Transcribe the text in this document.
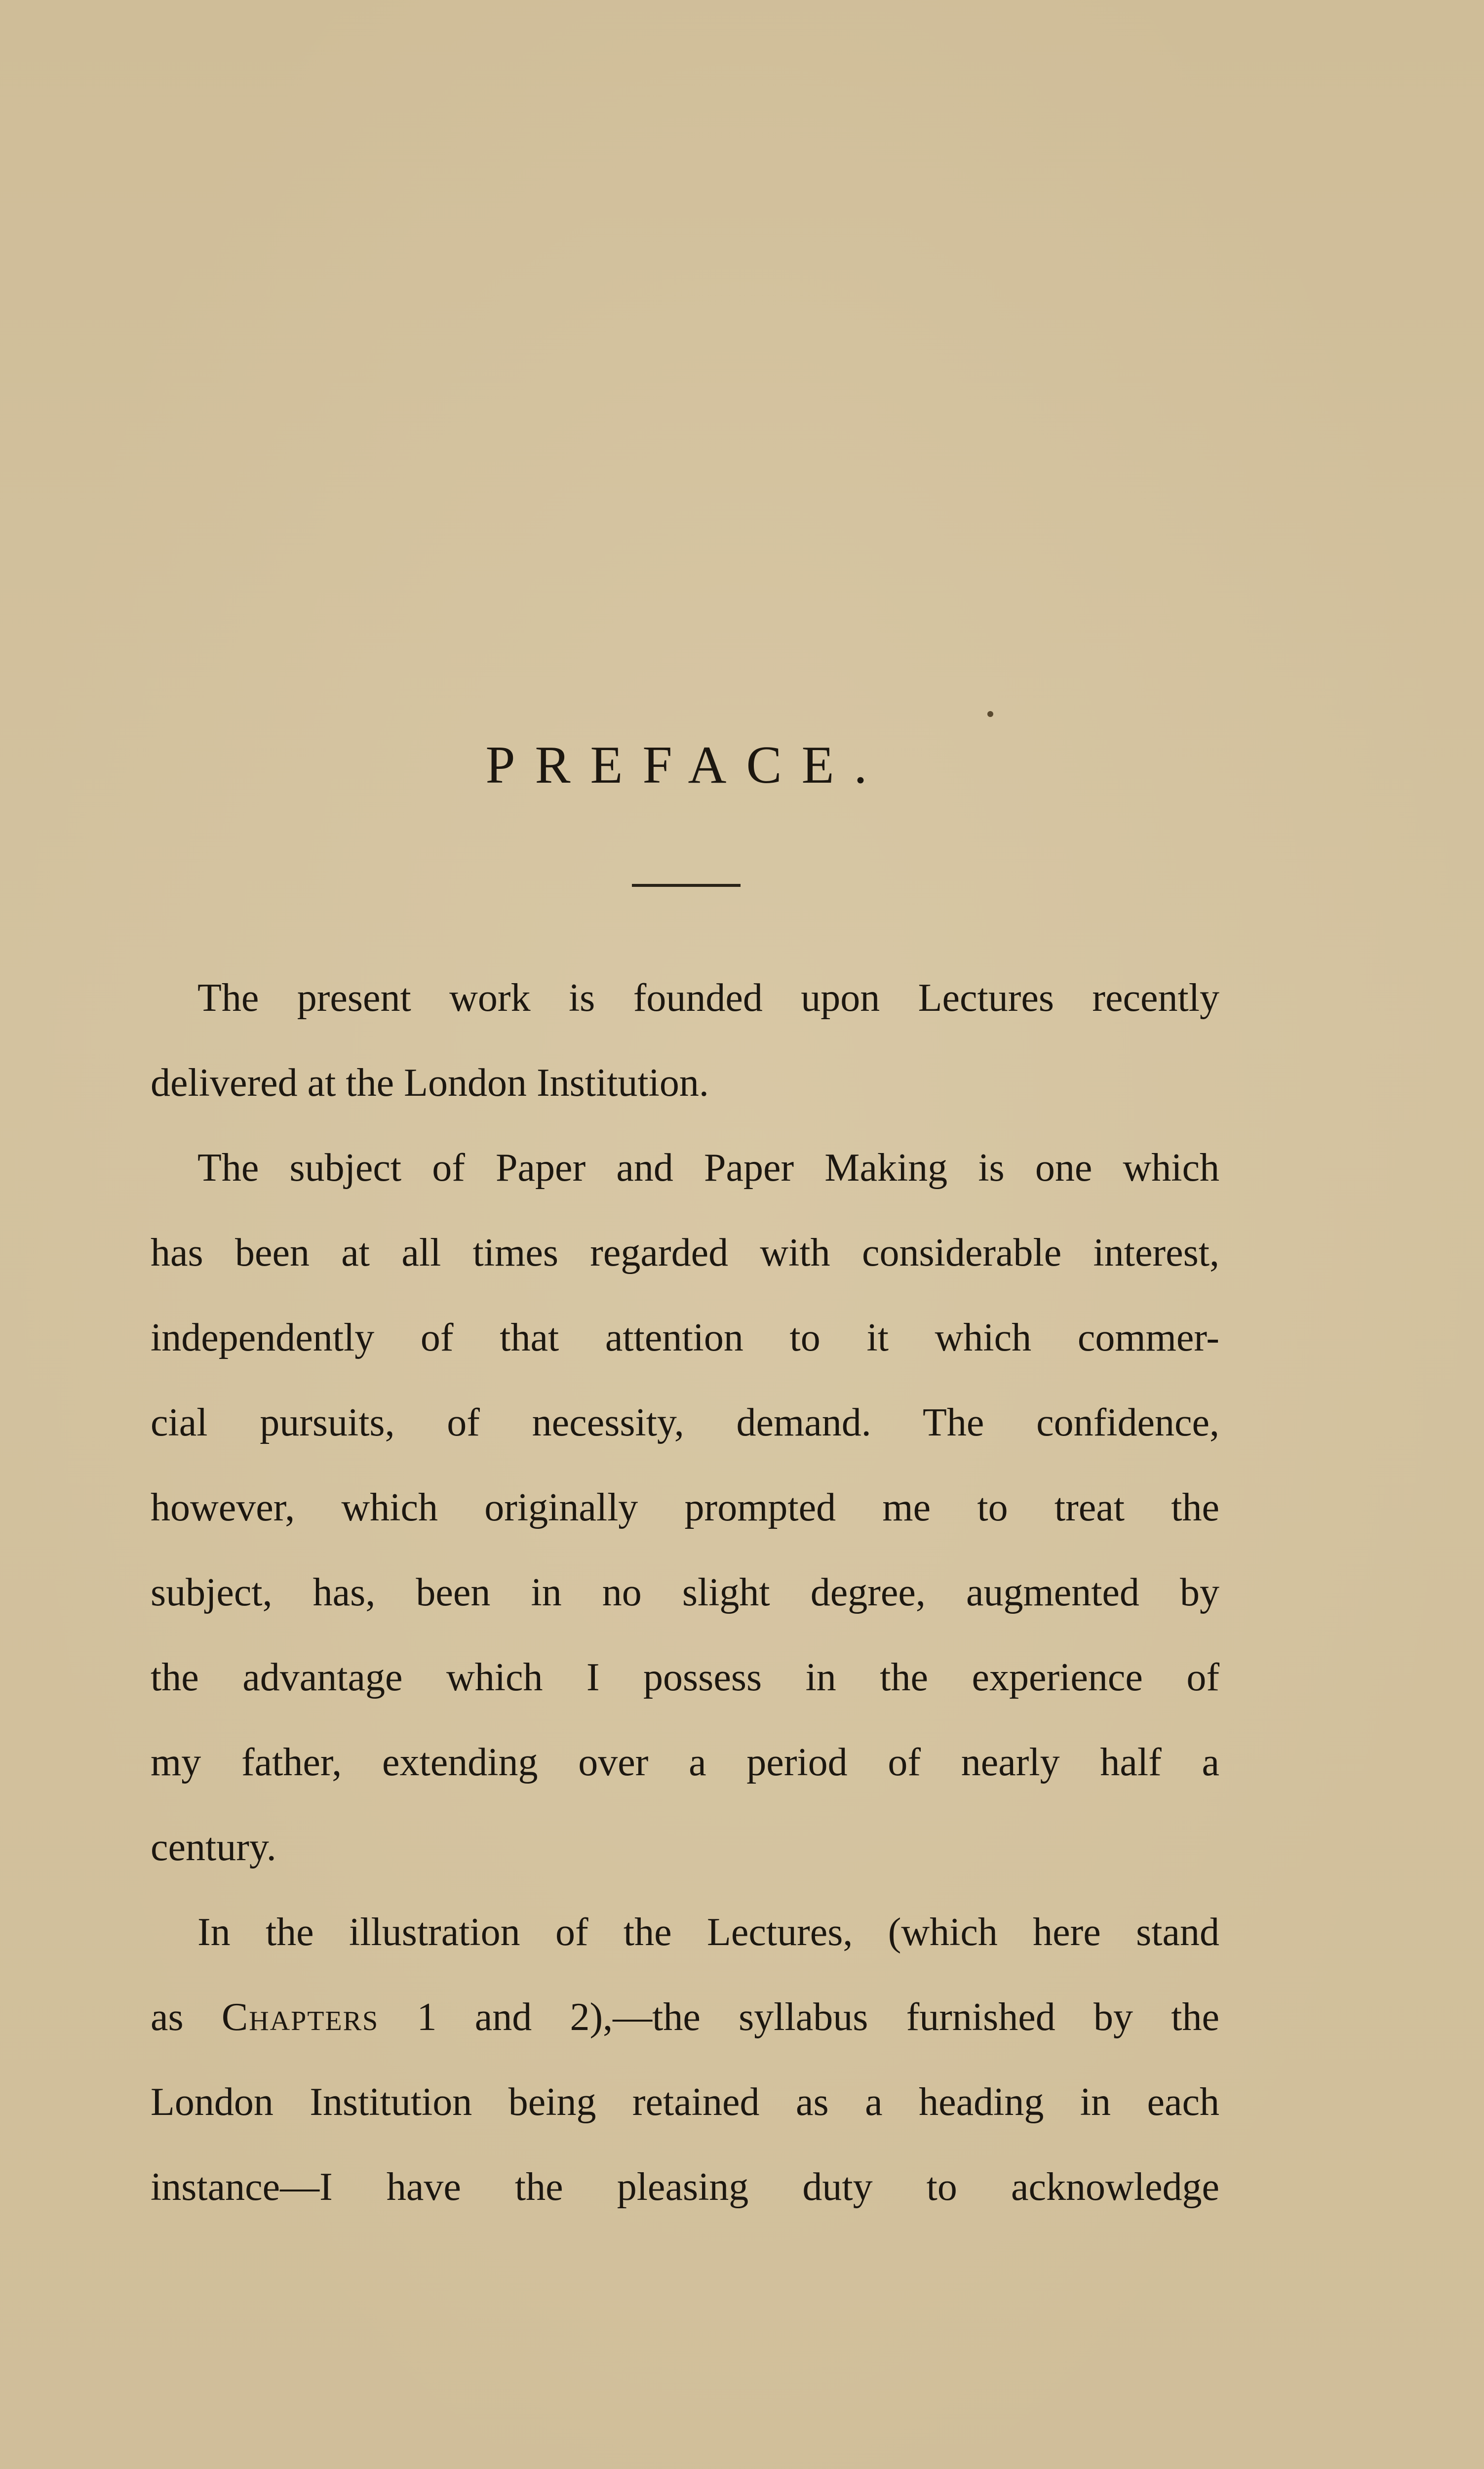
PREFACE.
The present work is founded upon Lectures recently
delivered at the London Institution.
The subject of Paper and Paper Making is one which
has been at all times regarded with considerable interest,
independently of that attention to it which commer-
cial pursuits, of necessity, demand. The confidence,
however, which originally prompted me to treat the
subject, has, been in no slight degree, augmented by
the advantage which I possess in the experience of
my father, extending over a period of nearly half a
century.
In the illustration of the Lectures, (which here stand
as Chapters 1 and 2),—the syllabus furnished by the
London Institution being retained as a heading in each
instance—I have the pleasing duty to acknowledge
